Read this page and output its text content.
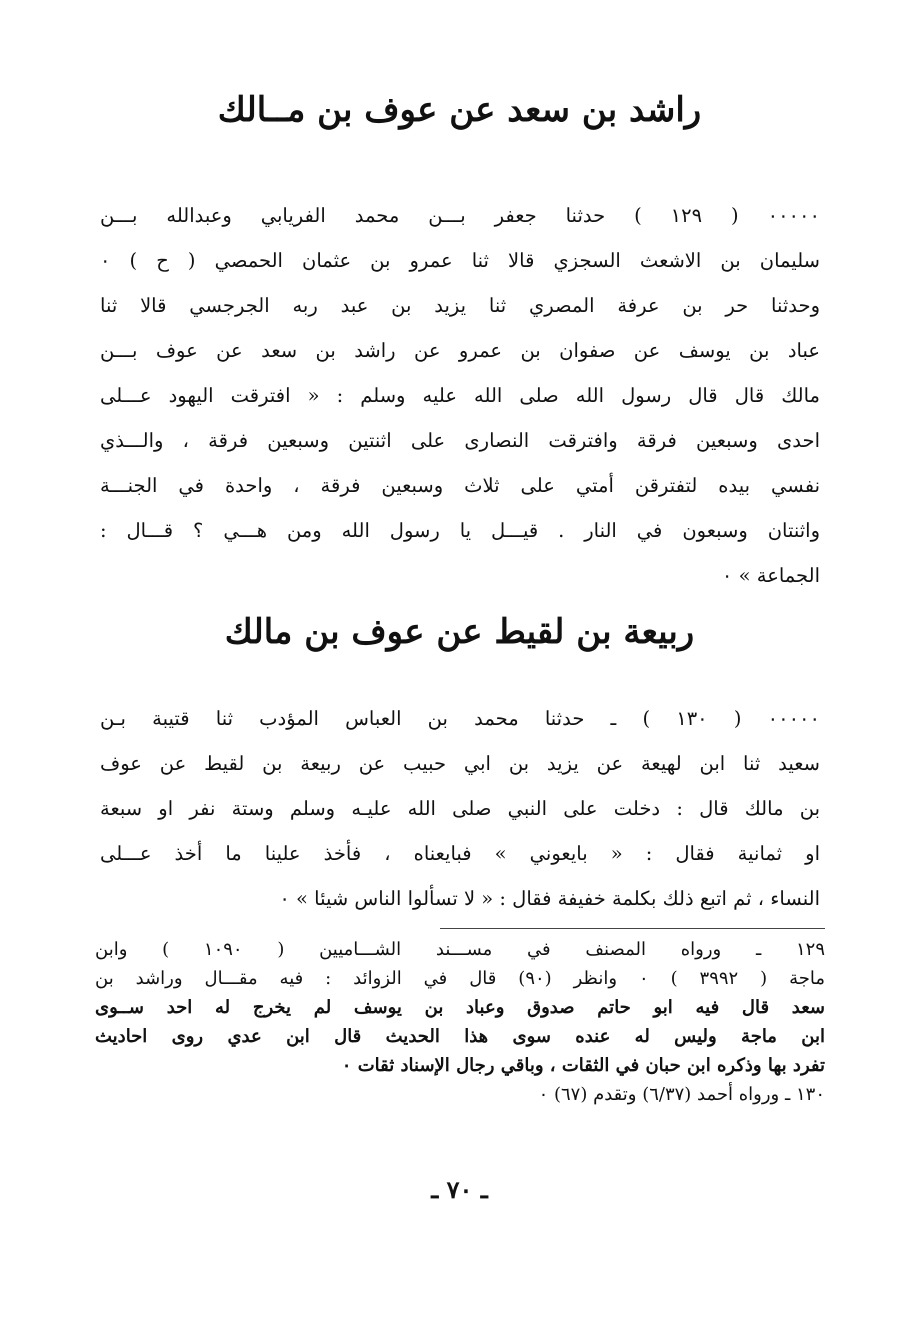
راشد بن سعد عن عوف بن مــالك
٠٠٠٠٠ ( ١٢٩ ) حدثنا جعفر بـــن محمد الفريابي وعبدالله بـــن
سليمان بن الاشعث السجزي قالا ثنا عمرو بن عثمان الحمصي ( ح ) ٠
وحدثنا حر بن عرفة المصري ثنا يزيد بن عبد ربه الجرجسي قالا ثنا
عباد بن يوسف عن صفوان بن عمرو عن راشد بن سعد عن عوف بـــن
مالك قال قال رسول الله صلى الله عليه وسلم : « افترقت اليهود عـــلى
احدى وسبعين فرقة وافترقت النصارى على اثنتين وسبعين فرقة ، والـــذي
نفسي بيده لتفترقن أمتي على ثلاث وسبعين فرقة ، واحدة في الجنـــة
واثنتان وسبعون في النار . قيـــل يا رسول الله ومن هـــي ؟ قـــال :
الجماعة » ٠
ربيعة بن لقيط عن عوف بن مالك
٠٠٠٠٠ ( ١٣٠ ) ـ حدثنا محمد بن العباس المؤدب ثنا قتيبة بـن
سعيد ثنا ابن لهيعة عن يزيد بن ابي حبيب عن ربيعة بن لقيط عن عوف
بن مالك قال : دخلت على النبي صلى الله عليـه وسلم وستة نفر او سبعة
او ثمانية فقال : « بايعوني » فبايعناه ، فأخذ علينا ما أخذ عـــلى
النساء ، ثم اتبع ذلك بكلمة خفيفة فقال : « لا تسألوا الناس شيئا » ٠
١٢٩ ـ ورواه المصنف في مســـند الشـــاميين ( ١٠٩٠ ) وابن
ماجة ( ٣٩٩٢ ) ٠ وانظر (٩٠) قال في الزوائد : فيه مقـــال وراشد بن
سعد قال فيه ابو حاتم صدوق وعباد بن يوسف لم يخرج له احد ســوى
ابن ماجة وليس له عنده سوى هذا الحديث قال ابن عدي روى احاديث
تفرد بها وذكره ابن حبان في الثقات ، وباقي رجال الإسناد ثقات ٠
١٣٠ ـ ورواه أحمد (٦/٣٧) وتقدم (٦٧) ٠
ـ ٧٠ ـ
